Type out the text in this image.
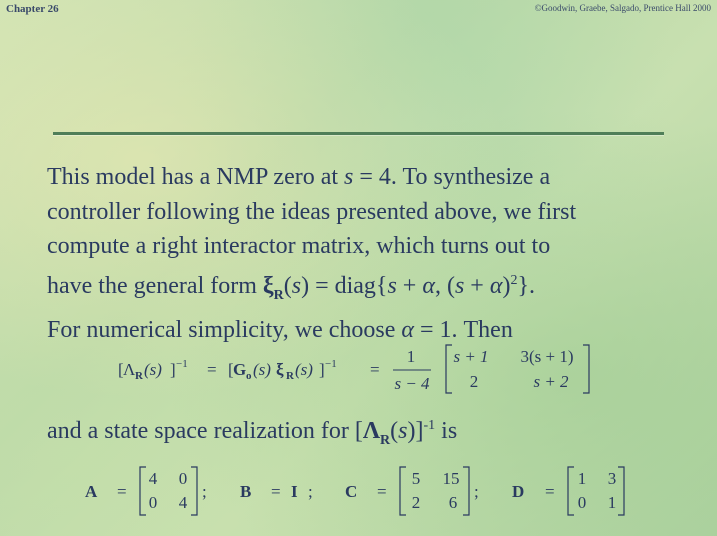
Chapter 26	©Goodwin, Graebe, Salgado, Prentice Hall 2000
This model has a NMP zero at s = 4. To synthesize a
controller following the ideas presented above, we first
compute a right interactor matrix, which turns out to
have the general form $\xi_R(s)$ = diag{s + α, $(s + \alpha)^2$}.
For numerical simplicity, we choose α = 1. Then
[ Λ R (s) ] −1 = [ G o (s) ξ R (s) ] −1 =
1
s − 4
s + 1 3(s + 1)
2	s + 2
and a state space realization for $[\Lambda_R(s)]^{-1}$ is
A =
4 0
0 4
; B = I ; C =
5 15
2 6
; D =
1 3
0 1
